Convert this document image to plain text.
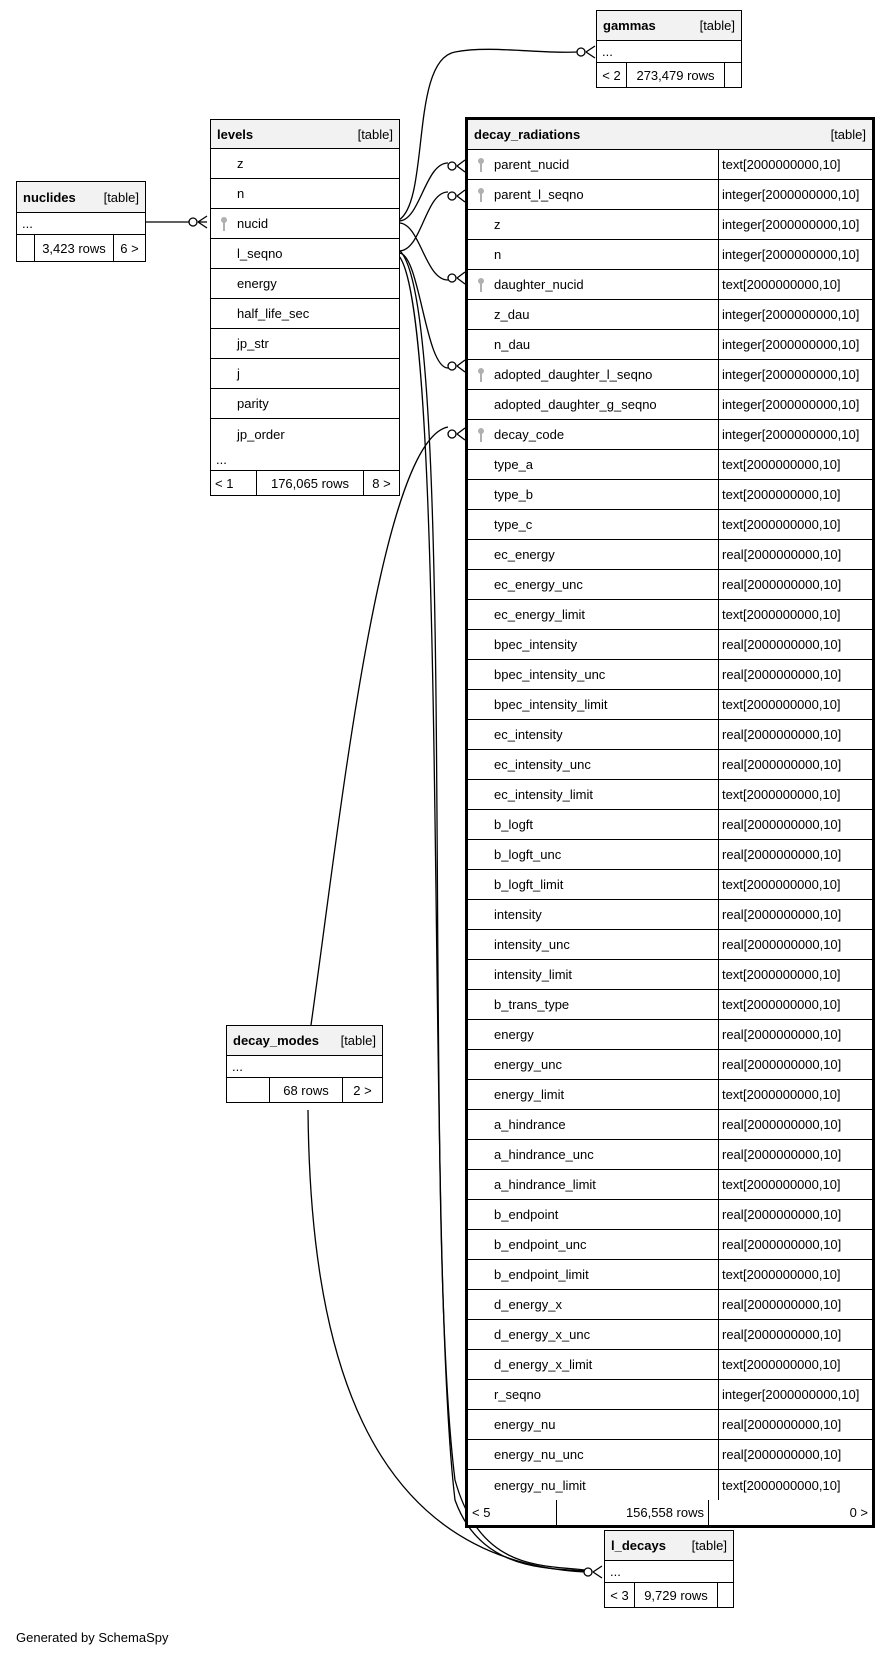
nuclides [table]
...
3,423 rows	6 >
gammas	[table]
...
< 2	273,479 rows
levels	[table]
z
n
nucid
l_seqno
energy
half_life_sec
jp_str
j
parity
jp_order
...
< 1	176,065 rows	8 >
decay_modes [table]
...
68 rows	2 >
l_decays [table]
...
< 3	9,729 rows
decay_radiations	[table]
parent_nucid	text[2000000000,10]
parent_l_seqno	integer[2000000000,10]
z	integer[2000000000,10]
n	integer[2000000000,10]
daughter_nucid	text[2000000000,10]
z_dau	integer[2000000000,10]
n_dau	integer[2000000000,10]
adopted_daughter_l_seqno	integer[2000000000,10]
adopted_daughter_g_seqno	integer[2000000000,10]
decay_code	integer[2000000000,10]
type_a	text[2000000000,10]
type_b	text[2000000000,10]
type_c	text[2000000000,10]
ec_energy	real[2000000000,10]
ec_energy_unc	real[2000000000,10]
ec_energy_limit	text[2000000000,10]
bpec_intensity	real[2000000000,10]
bpec_intensity_unc	real[2000000000,10]
bpec_intensity_limit	text[2000000000,10]
ec_intensity	real[2000000000,10]
ec_intensity_unc	real[2000000000,10]
ec_intensity_limit	text[2000000000,10]
b_logft	real[2000000000,10]
b_logft_unc	real[2000000000,10]
b_logft_limit	text[2000000000,10]
intensity	real[2000000000,10]
intensity_unc	real[2000000000,10]
intensity_limit	text[2000000000,10]
b_trans_type	text[2000000000,10]
energy	real[2000000000,10]
energy_unc	real[2000000000,10]
energy_limit	text[2000000000,10]
a_hindrance	real[2000000000,10]
a_hindrance_unc	real[2000000000,10]
a_hindrance_limit	text[2000000000,10]
b_endpoint	real[2000000000,10]
b_endpoint_unc	real[2000000000,10]
b_endpoint_limit	text[2000000000,10]
d_energy_x	real[2000000000,10]
d_energy_x_unc	real[2000000000,10]
d_energy_x_limit	text[2000000000,10]
r_seqno	integer[2000000000,10]
energy_nu	real[2000000000,10]
energy_nu_unc	real[2000000000,10]
energy_nu_limit	text[2000000000,10]
< 5	156,558 rows	0 >
Generated by SchemaSpy
